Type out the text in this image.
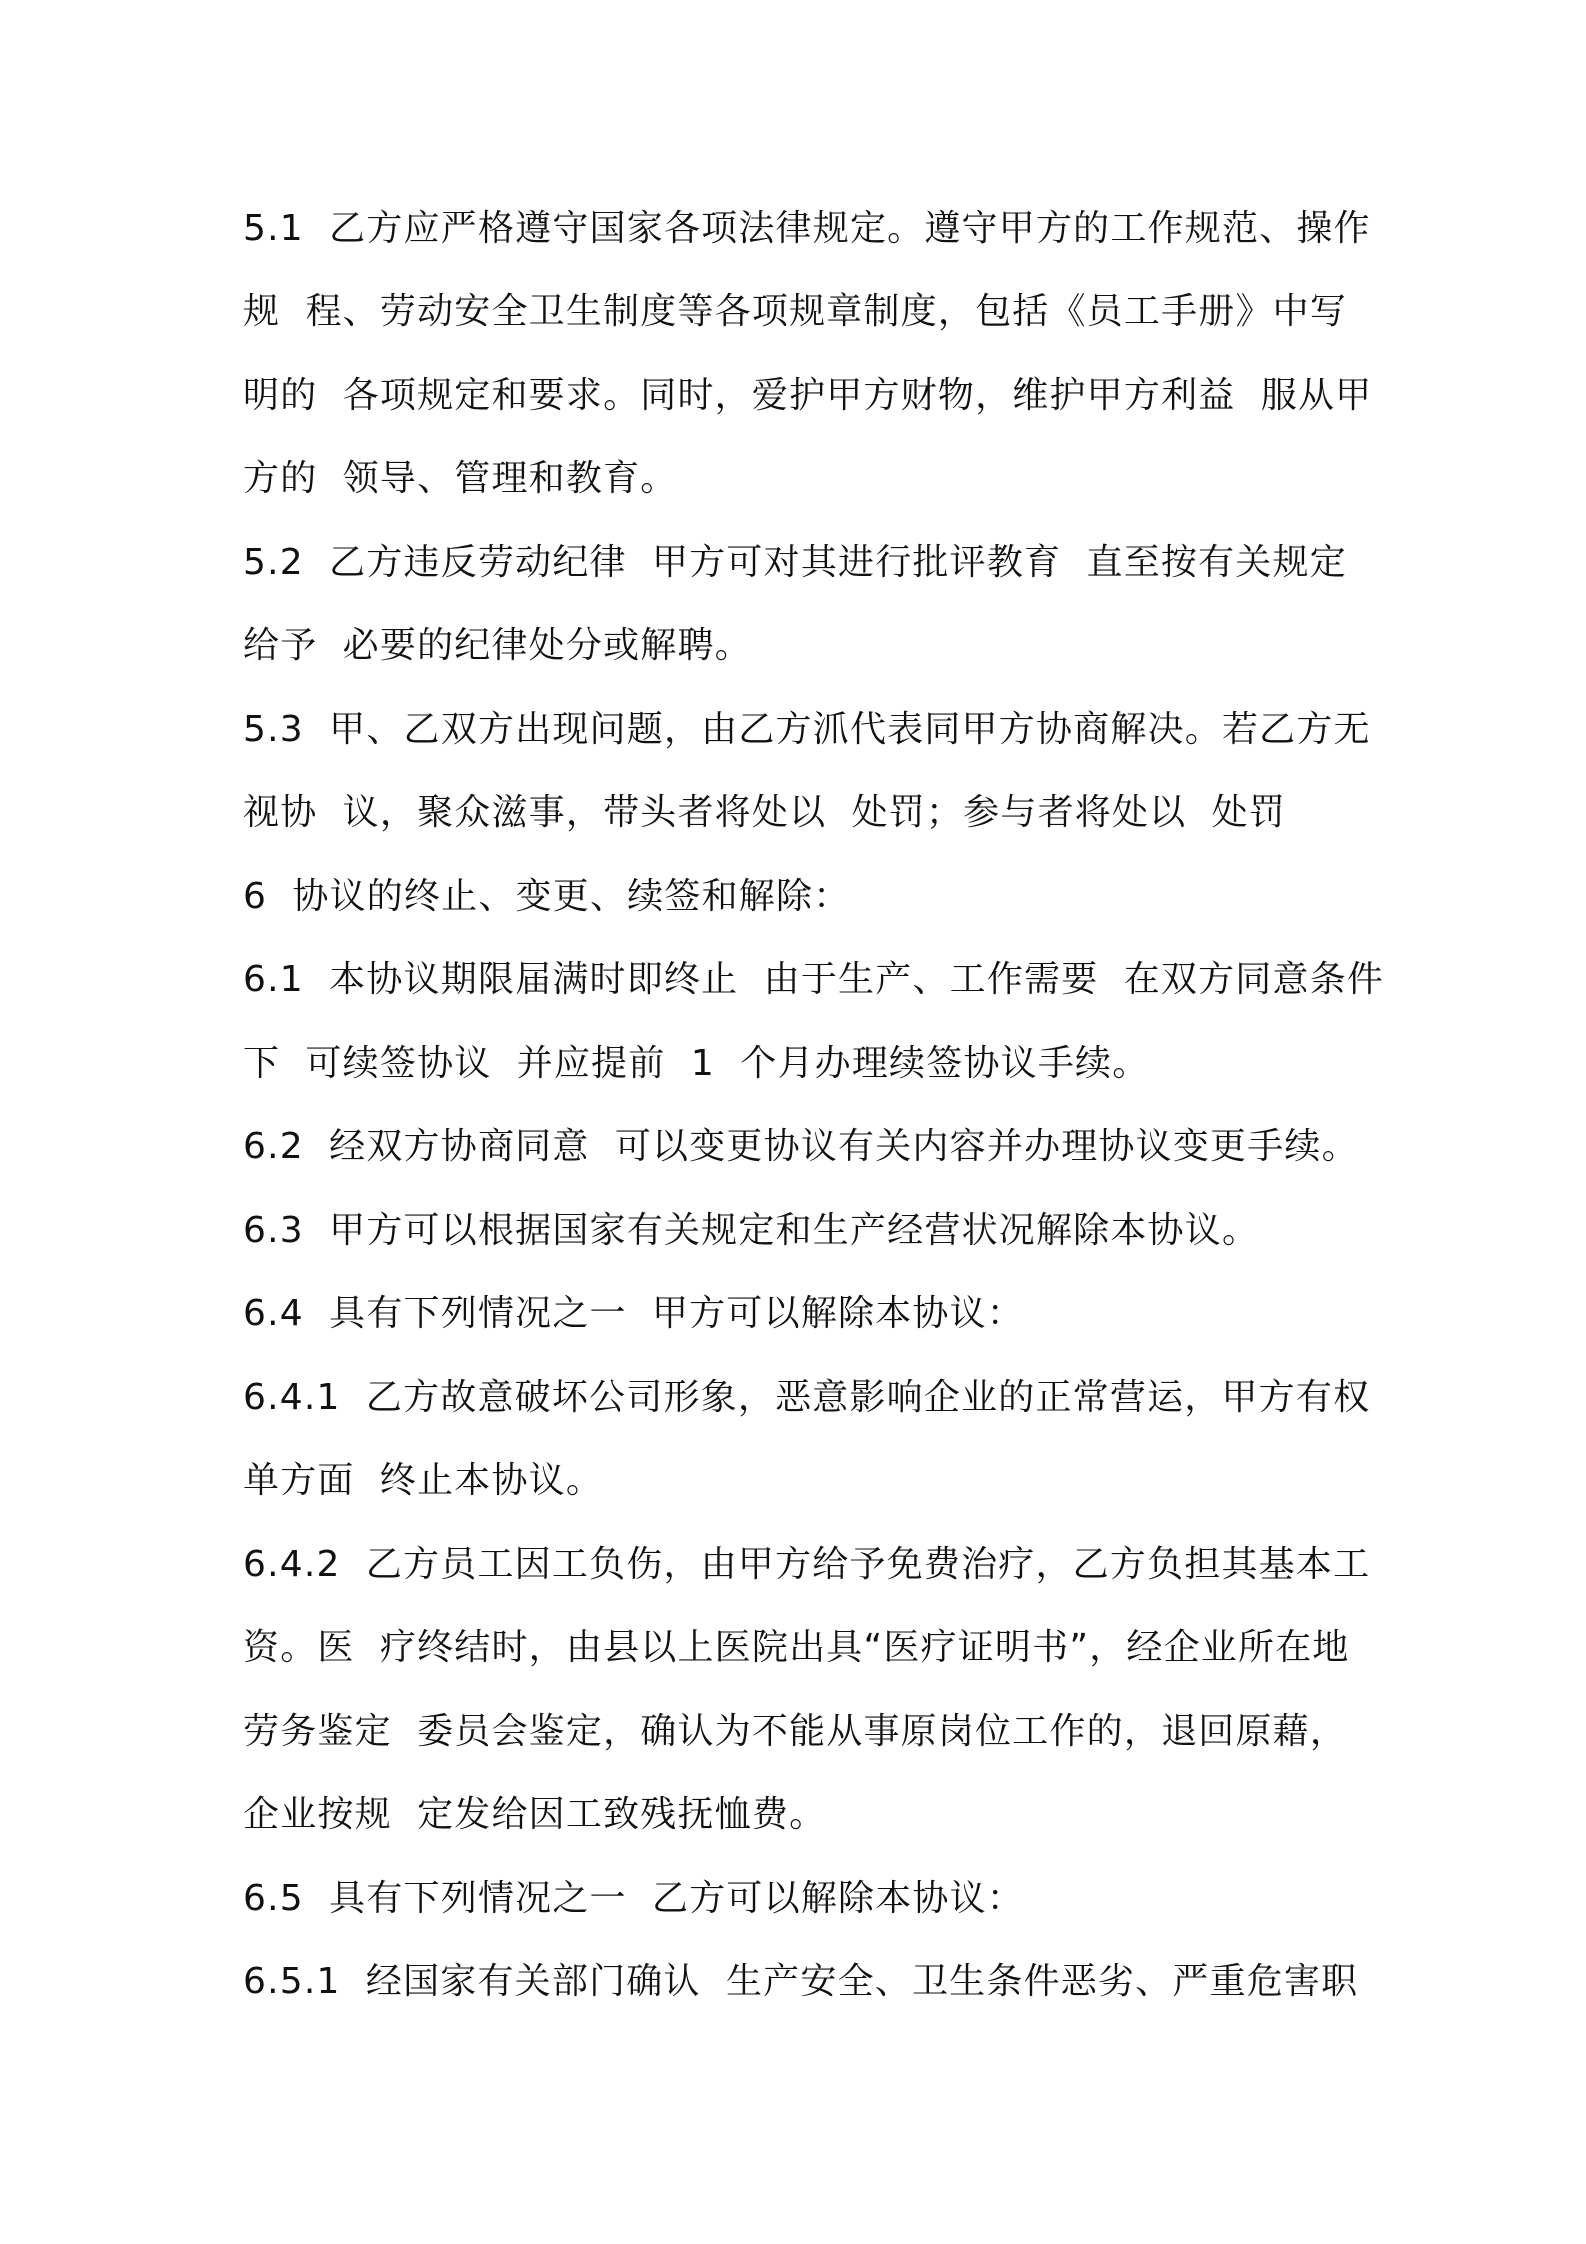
5.1  乙方应严格遵守国家各项法律规定。遵守甲方的工作规范、操作
规  程、劳动安全卫生制度等各项规章制度，包括《员工手册》中写
明的  各项规定和要求。同时，爱护甲方财物，维护甲方利益  服从甲
方的  领导、管理和教育。
5.2  乙方违反劳动纪律  甲方可对其进行批评教育  直至按有关规定
给予  必要的纪律处分或解聘。
5.3  甲、乙双方出现问题，由乙方沠代表同甲方协商解决。若乙方无
视协  议，聚众滋事，带头者将处以  处罚；参与者将处以  处罚
6  协议的终止、变更、续签和解除：
6.1  本协议期限届满时即终止  由于生产、工作需要  在双方同意条件
下  可续签协议  并应提前  1  个月办理续签协议手续。
6.2  经双方协商同意  可以变更协议有关内容并办理协议变更手续。
6.3  甲方可以根据国家有关规定和生产经营状况解除本协议。
6.4  具有下列情况之一  甲方可以解除本协议：
6.4.1  乙方故意破坏公司形象，恶意影响企业的正常营运，甲方有权
单方面  终止本协议。
6.4.2  乙方员工因工负伤，由甲方给予免费治疗，乙方负担其基本工
资。医  疗终结时，由县以上医院出具“医疗证明书”，经企业所在地
劳务鉴定  委员会鉴定，确认为不能从事原岗位工作的，退回原藉，
企业按规  定发给因工致残抚恤费。
6.5  具有下列情况之一  乙方可以解除本协议：
6.5.1  经国家有关部门确认  生产安全、卫生条件恶劣、严重危害职
